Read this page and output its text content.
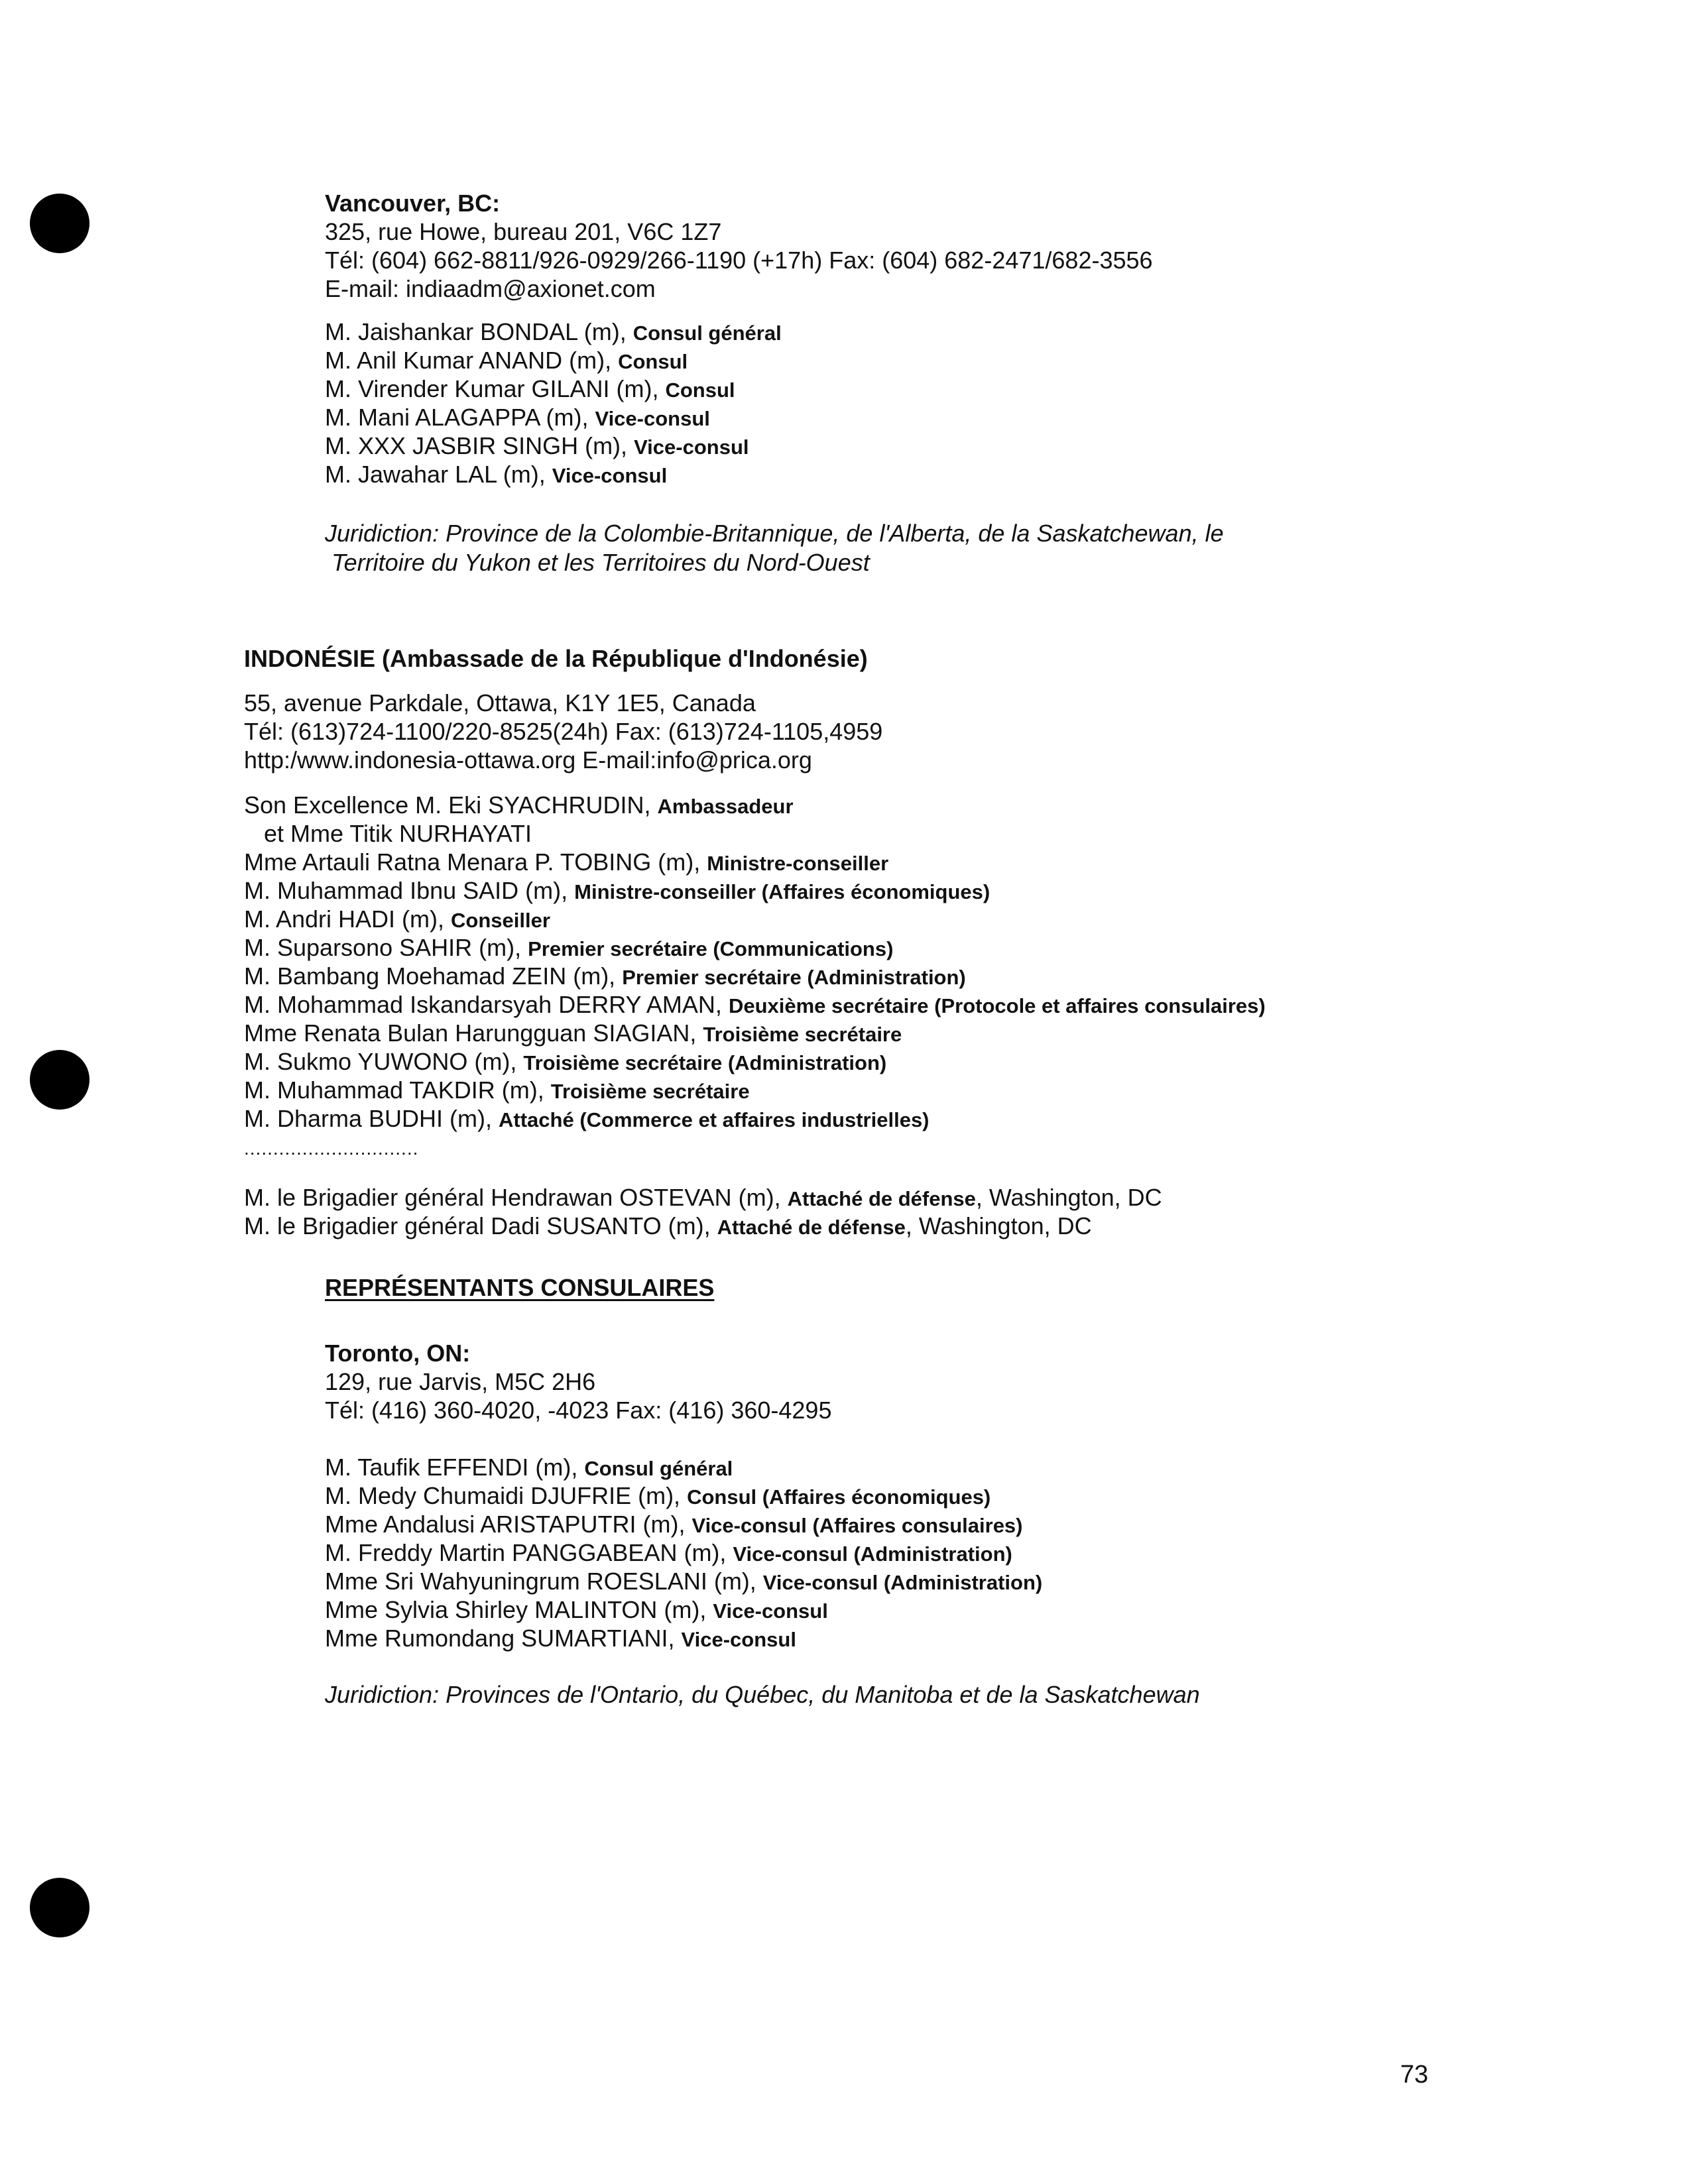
Vancouver, BC:

325, rue Howe, bureau 201, V6C 1Z7

Tél: (604) 662-8811/926-0929/266-1190 (+17h) Fax: (604) 682-2471/682-3556

E-mail: indiaadm@axionet.com

M. Jaishankar BONDAL (m), Consul général

M. Anil Kumar ANAND (m), Consul

M. Virender Kumar GILANI (m), Consul

M. Mani ALAGAPPA (m), Vice-consul

M. XXX JASBIR SINGH (m), Vice-consul

M. Jawahar LAL (m), Vice-consul

Juridiction: Province de la Colombie-Britannique, de l'Alberta, de la Saskatchewan, le

Territoire du Yukon et les Territoires du Nord-Ouest

INDONÉSIE (Ambassade de la République d'Indonésie)

55, avenue Parkdale, Ottawa, K1Y 1E5, Canada

Tél: (613)724-1100/220-8525(24h) Fax: (613)724-1105,4959

http:/www.indonesia-ottawa.org E-mail:info@prica.org

Son Excellence M. Eki SYACHRUDIN, Ambassadeur

et Mme Titik NURHAYATI

Mme Artauli Ratna Menara P. TOBING (m), Ministre-conseiller

M. Muhammad Ibnu SAID (m), Ministre-conseiller (Affaires économiques)

M. Andri HADI (m), Conseiller

M. Suparsono SAHIR (m), Premier secrétaire (Communications)

M. Bambang Moehamad ZEIN (m), Premier secrétaire (Administration)

M. Mohammad Iskandarsyah DERRY AMAN, Deuxième secrétaire (Protocole et affaires consulaires)

Mme Renata Bulan Harungguan SIAGIAN, Troisième secrétaire

M. Sukmo YUWONO (m), Troisième secrétaire (Administration)

M. Muhammad TAKDIR (m), Troisième secrétaire

M. Dharma BUDHI (m), Attaché (Commerce et affaires industrielles)

..............................

M. le Brigadier général Hendrawan OSTEVAN (m), Attaché de défense, Washington, DC

M. le Brigadier général Dadi SUSANTO (m), Attaché de défense, Washington, DC

REPRÉSENTANTS CONSULAIRES

Toronto, ON:

129, rue Jarvis, M5C 2H6

Tél: (416) 360-4020, -4023 Fax: (416) 360-4295

M. Taufik EFFENDI (m), Consul général

M. Medy Chumaidi DJUFRIE (m), Consul (Affaires économiques)

Mme Andalusi ARISTAPUTRI (m), Vice-consul (Affaires consulaires)

M. Freddy Martin PANGGABEAN (m), Vice-consul (Administration)

Mme Sri Wahyuningrum ROESLANI (m), Vice-consul (Administration)

Mme Sylvia Shirley MALINTON (m), Vice-consul

Mme Rumondang SUMARTIANI, Vice-consul

Juridiction: Provinces de l'Ontario, du Québec, du Manitoba et de la Saskatchewan

73
